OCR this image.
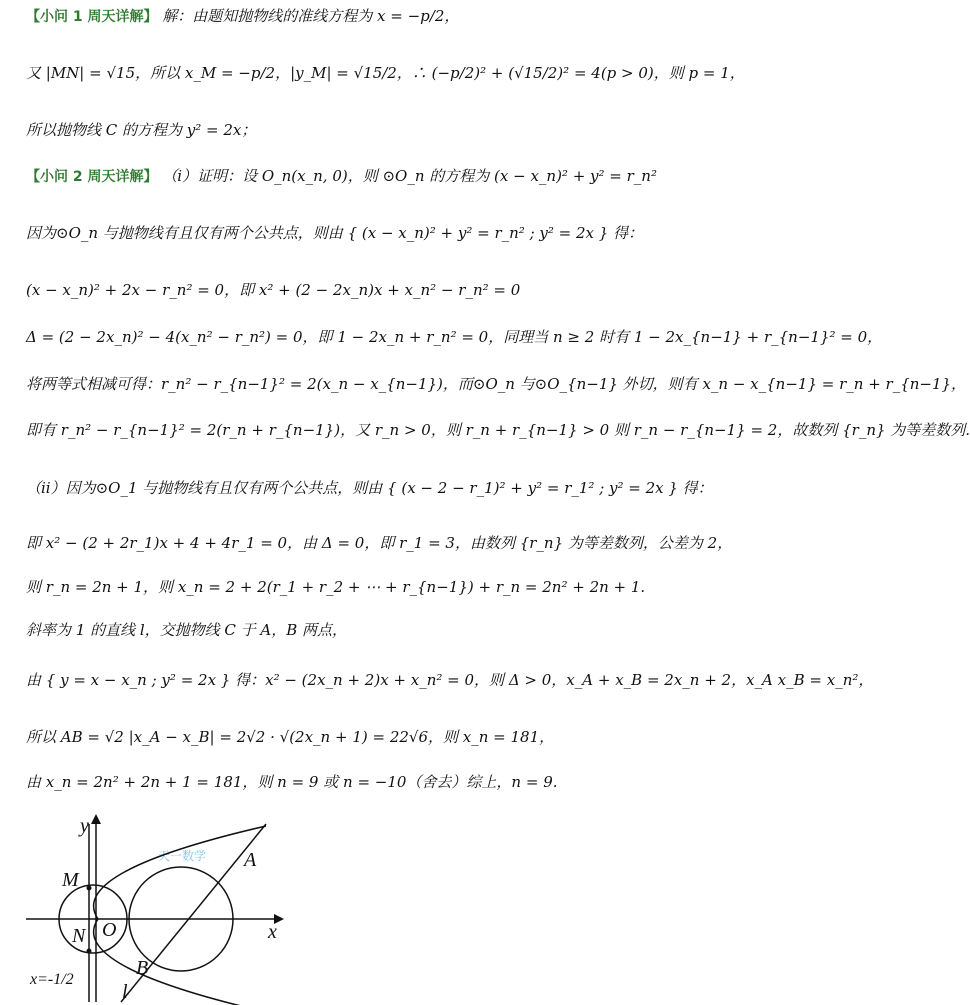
【小问 1 周天详解】 解：由题知抛物线的准线方程为 x = −p/2，
又 |MN| = √15，所以 x_M = −p/2，|y_M| = √15/2，∴ (−p/2)² + (√15/2)² = 4(p > 0)，则 p = 1，
所以抛物线 C 的方程为 y² = 2x；
【小问 2 周天详解】 （i）证明：设 O_n(x_n, 0)，则 ⊙O_n 的方程为 (x − x_n)² + y² = r_n²
因为⊙O_n 与抛物线有且仅有两个公共点，则由 { (x − x_n)² + y² = r_n² ; y² = 2x } 得：
(x − x_n)² + 2x − r_n² = 0，即 x² + (2 − 2x_n)x + x_n² − r_n² = 0
Δ = (2 − 2x_n)² − 4(x_n² − r_n²) = 0，即 1 − 2x_n + r_n² = 0，同理当 n ≥ 2 时有 1 − 2x_{n−1} + r_{n−1}² = 0，
将两等式相减可得：r_n² − r_{n−1}² = 2(x_n − x_{n−1})，而⊙O_n 与⊙O_{n−1} 外切，则有 x_n − x_{n−1} = r_n + r_{n−1}，
即有 r_n² − r_{n−1}² = 2(r_n + r_{n−1})，又 r_n > 0，则 r_n + r_{n−1} > 0 则 r_n − r_{n−1} = 2，故数列 {r_n} 为等差数列.
（ii）因为⊙O_1 与抛物线有且仅有两个公共点，则由 { (x − 2 − r_1)² + y² = r_1² ; y² = 2x } 得：
即 x² − (2 + 2r_1)x + 4 + 4r_1 = 0，由 Δ = 0，即 r_1 = 3，由数列 {r_n} 为等差数列，公差为 2，
则 r_n = 2n + 1，则 x_n = 2 + 2(r_1 + r_2 + ⋯ + r_{n−1}) + r_n = 2n² + 2n + 1.
斜率为 1 的直线 l，交抛物线 C 于 A，B 两点，
由 { y = x − x_n ; y² = 2x } 得：x² − (2x_n + 2)x + x_n² = 0，则 Δ > 0，x_A + x_B = 2x_n + 2，x_A x_B = x_n²，
所以 AB = √2 |x_A − x_B| = 2√2 · √(2x_n + 1) = 22√6，则 x_n = 181，
由 x_n = 2n² + 2n + 1 = 181，则 n = 9 或 n = −10（舍去）综上，n = 9.
天一数学
y
x
M
N O
A
B
l
x=-1/2
